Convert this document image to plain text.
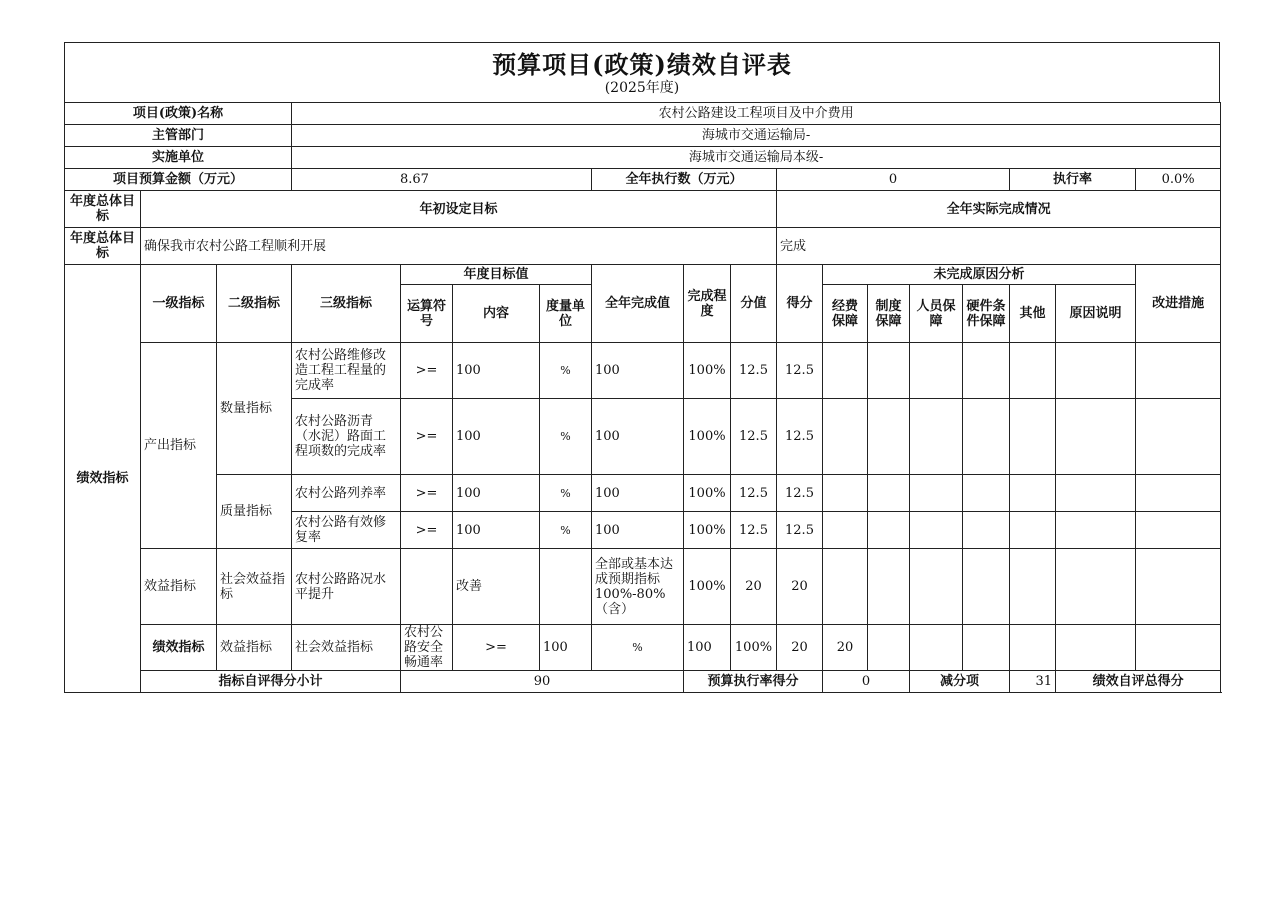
预算项目(政策)绩效自评表
(2025年度)
项目(政策)名称			农村公路建设工程项目及中介费用															
主管部门			海城市交通运输局-															
实施单位			海城市交通运输局本级-															
项目预算金额（万元）			8.67				全年执行数（万元）			0					执行率		0.0%	
年度总体目标	年初设定目标									全年实际完成情况								
年度总体目标	确保我市农村公路工程顺利开展									完成								
绩效指标	一级指标	二级指标	三级指标	年度目标值			全年完成值	完成程度	分值	得分	未完成原因分析						改进措施	
				运算符号	内容	度量单位					经费保障	制度保障	人员保障	硬件条件保障	其他	原因说明		
	产出指标	数量指标	农村公路维修改造工程工程量的完成率	>=	100	%	100	100%	12.5	12.5								
			农村公路沥青（水泥）路面工程项数的完成率	>=	100	%	100	100%	12.5	12.5								
		质量指标	农村公路列养率	>=	100	%	100	100%	12.5	12.5								
			农村公路有效修复率	>=	100	%	100	100%	12.5	12.5								
	效益指标	社会效益指标	农村公路路况水平提升		改善		全部或基本达成预期指标100%-80%（含）	100%	20	20								
	绩效指标	效益指标	社会效益指标	农村公路安全畅通率	>=	100	%	100	100%	20	20							
	指标自评得分小计			90				预算执行率得分			0		减分项		31	绩效自评总得分	
